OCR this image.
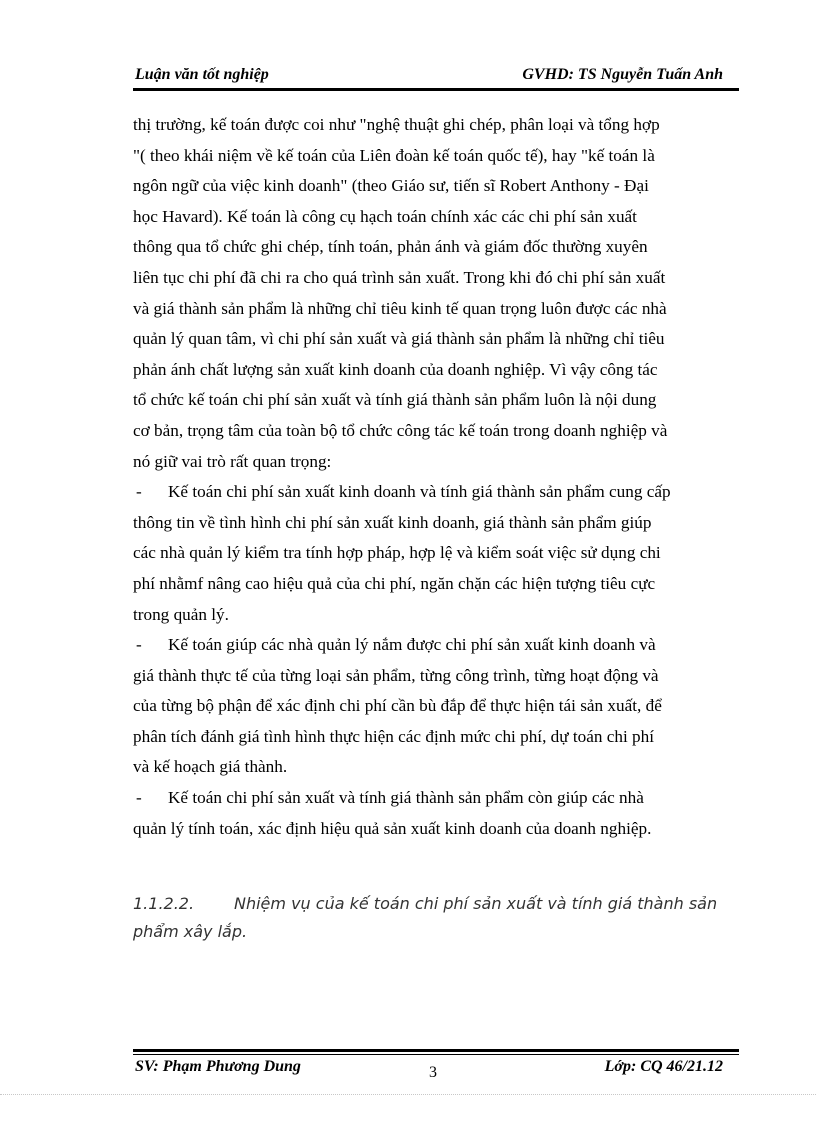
Luận văn tốt nghiệp	GVHD: TS Nguyễn Tuấn Anh
thị trường, kế toán được coi như "nghệ thuật ghi chép, phân loại và tổng hợp
"( theo khái niệm về kế toán của Liên đoàn kế toán quốc tế), hay "kế toán là
ngôn ngữ của việc kinh doanh" (theo Giáo sư, tiến sĩ Robert Anthony - Đại
học Havard). Kế toán là công cụ hạch toán chính xác các chi phí sản xuất
thông qua tổ chức ghi chép, tính toán, phản ánh và giám đốc thường xuyên
liên tục chi phí đã chi ra cho quá trình sản xuất. Trong khi đó chi phí sản xuất
và giá thành sản phẩm là những chỉ tiêu kinh tế quan trọng luôn được các nhà
quản lý quan tâm, vì chi phí sản xuất và giá thành sản phẩm là những chỉ tiêu
phản ánh chất lượng sản xuất kinh doanh của doanh nghiệp. Vì vậy công tác
tổ chức kế toán chi phí sản xuất và tính giá thành sản phẩm luôn là nội dung
cơ bản, trọng tâm của toàn bộ tổ chức công tác kế toán trong doanh nghiệp và
nó giữ vai trò rất quan trọng:
- Kế toán chi phí sản xuất kinh doanh và tính giá thành sản phẩm cung cấp
thông tin về tình hình chi phí sản xuất kinh doanh, giá thành sản phẩm giúp
các nhà quản lý kiểm tra tính hợp pháp, hợp lệ và kiểm soát việc sử dụng chi
phí nhằmf nâng cao hiệu quả của chi phí, ngăn chặn các hiện tượng tiêu cực
trong quản lý.
- Kế toán giúp các nhà quản lý nắm được chi phí sản xuất kinh doanh và
giá thành thực tế của từng loại sản phẩm, từng công trình, từng hoạt động và
của từng bộ phận để xác định chi phí cần bù đắp để thực hiện tái sản xuất, để
phân tích đánh giá tình hình thực hiện các định mức chi phí, dự toán chi phí
và kế hoạch giá thành.
- Kế toán chi phí sản xuất và tính giá thành sản phẩm còn giúp các nhà
quản lý tính toán, xác định hiệu quả sản xuất kinh doanh của doanh nghiệp.
1.1.2.2. Nhiệm vụ của kế toán chi phí sản xuất và tính giá thành sản
phẩm xây lắp.
SV: Phạm Phương Dung	3	Lớp: CQ 46/21.12
